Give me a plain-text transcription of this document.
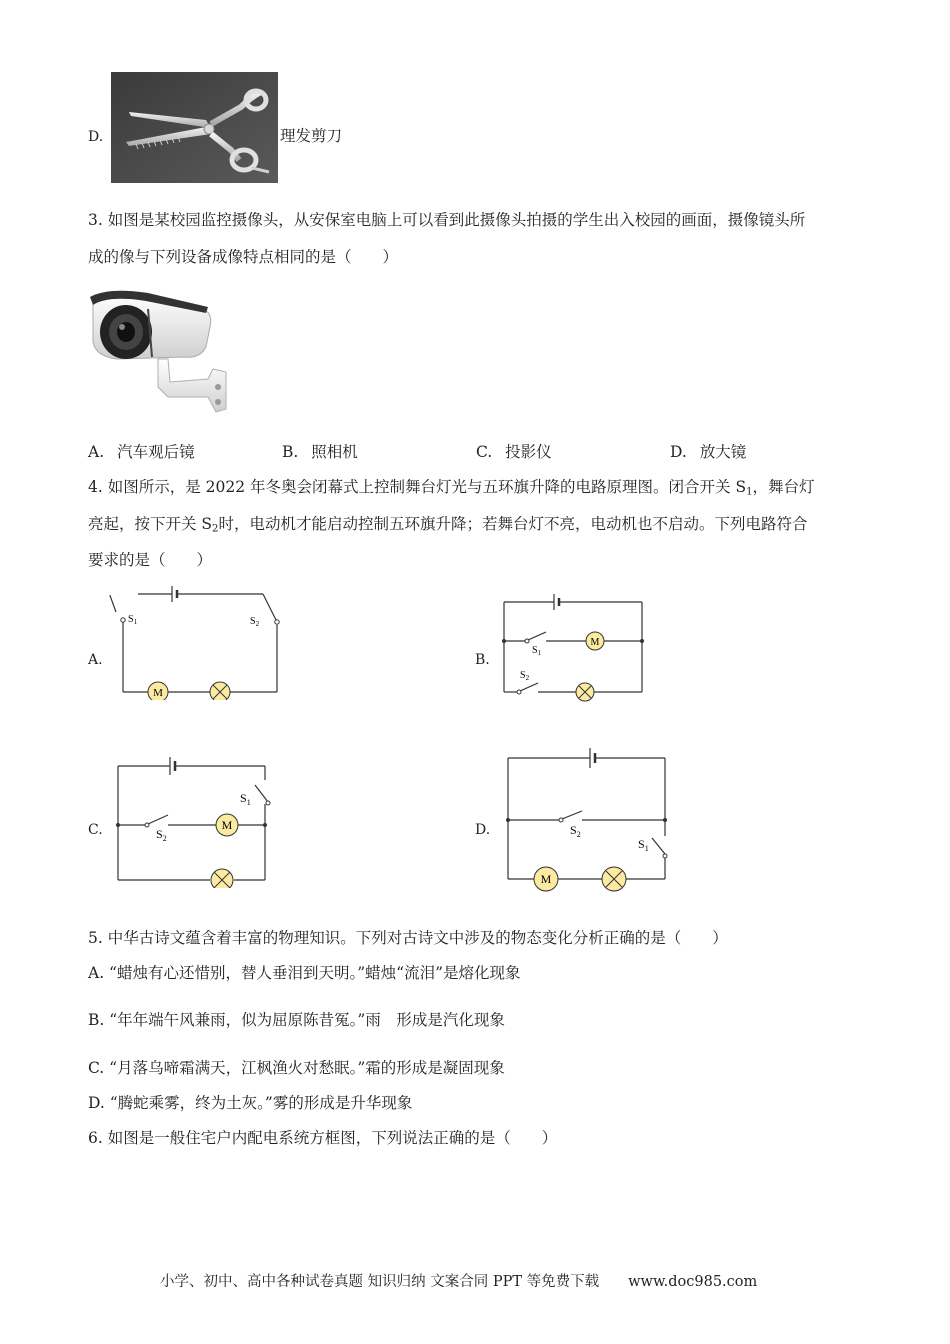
D.	理发剪刀
3. 如图是某校园监控摄像头，从安保室电脑上可以看到此摄像头拍摄的学生出入校园的画面，摄像镜头所
成的像与下列设备成像特点相同的是（　　）
A. 汽车观后镜	B. 照相机	C. 投影仪	D. 放大镜
4. 如图所示，是 2022 年冬奥会闭幕式上控制舞台灯光与五环旗升降的电路原理图。闭合开关 $S_1$，舞台灯
亮起，按下开关 $S_2$时，电动机才能启动控制五环旗升降；若舞台灯不亮，电动机也不启动。下列电路符合
要求的是（　　）
A.
M
$S_1$	$S_2$
B.
M
$S_1$
$S_2$
C.	M
$S_1$
$S_2$
D.
M
$S_1$
$S_2$
5. 中华古诗文蕴含着丰富的物理知识。下列对古诗文中涉及的物态变化分析正确的是（　　）
A. “蜡烛有心还惜别，替人垂泪到天明。”蜡烛“流泪”是熔化现象
B. “年年端午风兼雨，似为屈原陈昔冤。”雨　形成是汽化现象
C. “月落乌啼霜满天，江枫渔火对愁眠。”霜的形成是凝固现象
D. “腾蛇乘雾，终为土灰。”雾的形成是升华现象
6. 如图是一般住宅户内配电系统方框图，下列说法正确的是（　　）
小学、初中、高中各种试卷真题 知识归纳 文案合同 PPT 等免费下载　　www.doc985.com
